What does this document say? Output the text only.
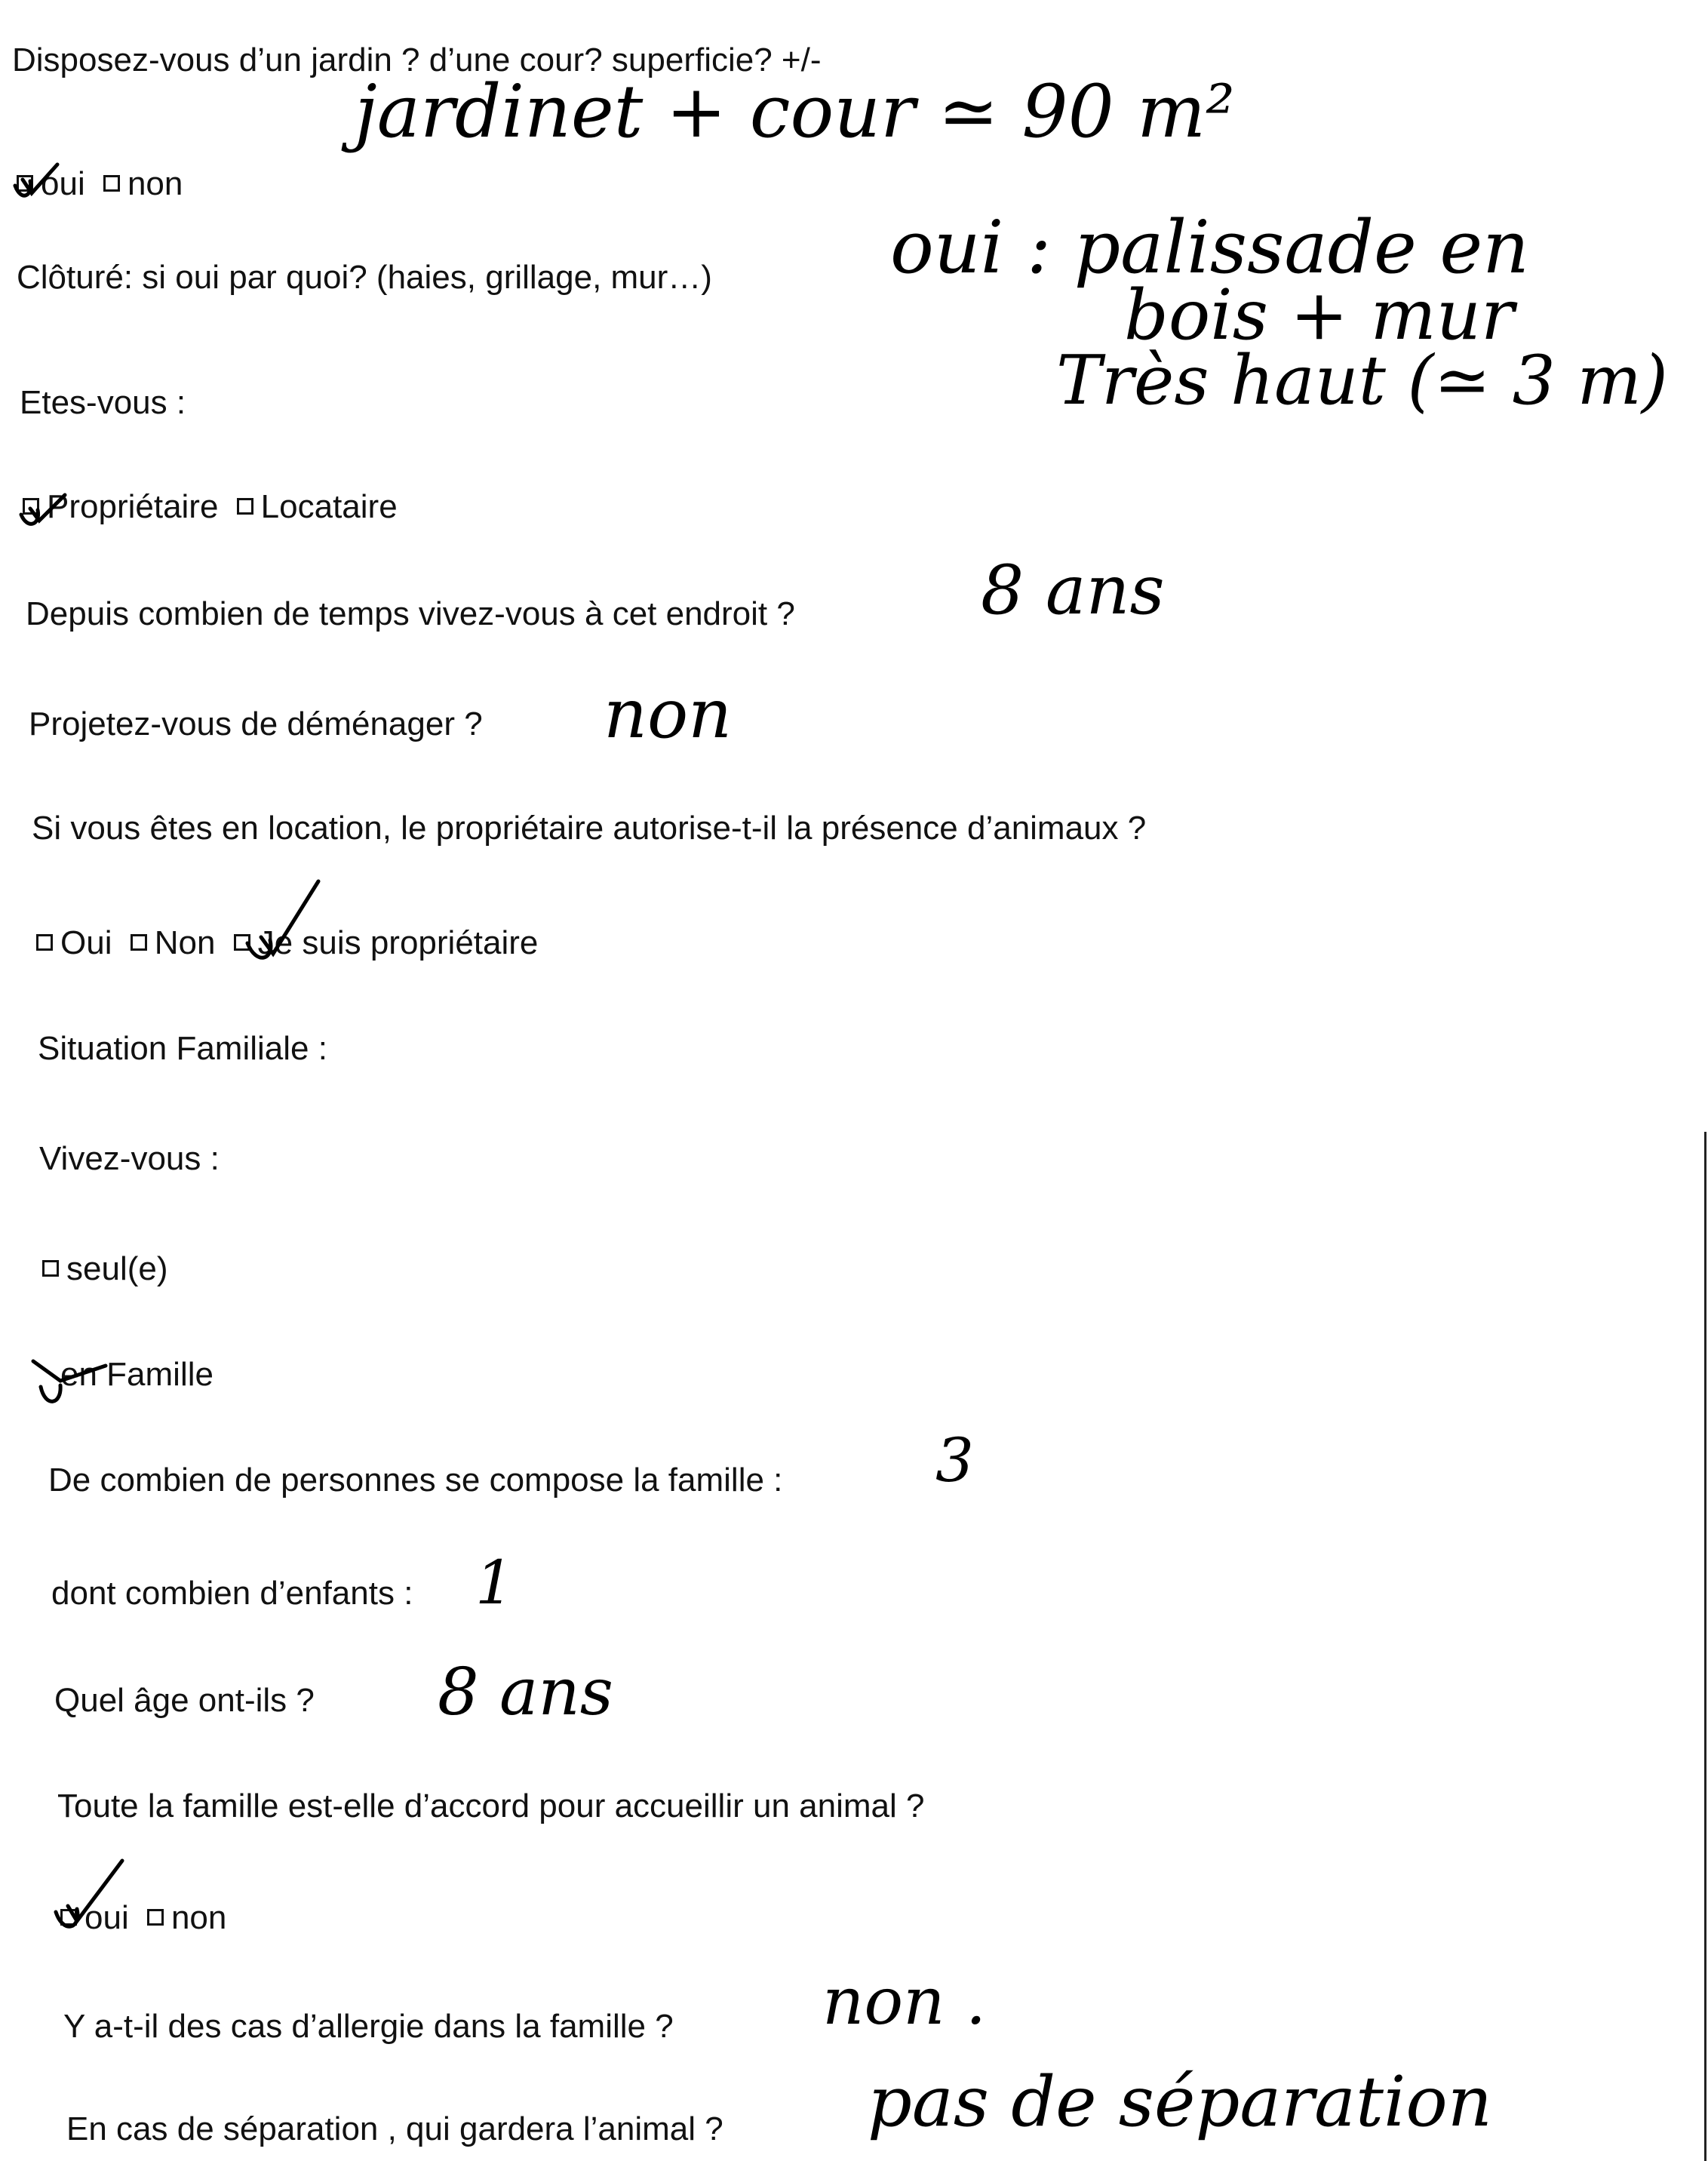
Disposez-vous d’un jardin ? d’une cour? superficie? +/-
jardinet + cour ≃ 90 m²
oui non
Clôturé: si oui par quoi? (haies, grillage, mur…) oui : palissade en
bois + mur
Très haut (≃ 3 m)
Etes-vous :
Propriétaire Locataire
Depuis combien de temps vivez-vous à cet endroit ?	8 ans
Projetez-vous de déménager ? non
Si vous êtes en location, le propriétaire autorise-t-il la présence d’animaux ?
Oui Non Je suis propriétaire
Situation Familiale :
Vivez-vous :
seul(e)
en Famille
De combien de personnes se compose la famille :	3
dont combien d’enfants : 1
Quel âge ont-ils ? 8 ans
Toute la famille est-elle d’accord pour accueillir un animal ?
oui non
Y a-t-il des cas d’allergie dans la famille ? non .
En cas de séparation , qui gardera l’animal ? pas de séparation
